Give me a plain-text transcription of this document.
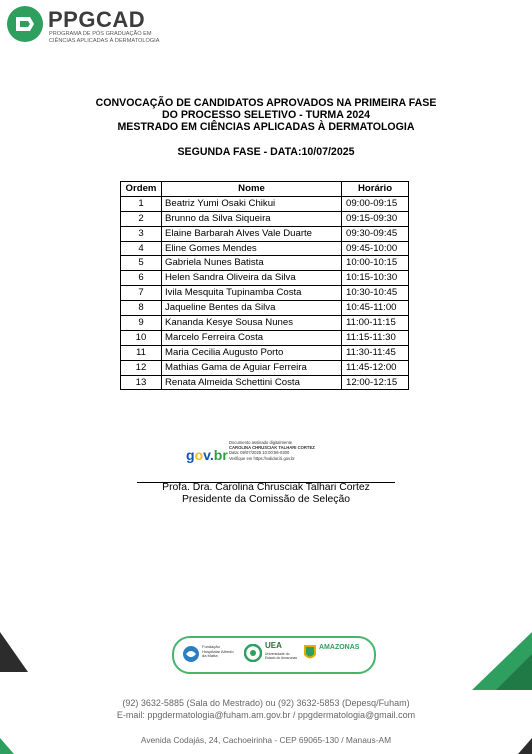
PPGCAD
PROGRAMA DE PÓS GRADUAÇÃO EM
CIÊNCIAS APLICADAS À DERMATOLOGIA
CONVOCAÇÃO DE CANDIDATOS APROVADOS NA PRIMEIRA FASE
DO PROCESSO SELETIVO - TURMA 2024
MESTRADO EM CIÊNCIAS APLICADAS À DERMATOLOGIA
SEGUNDA FASE - DATA:10/07/2025
Ordem	Nome	Horário
1	Beatriz Yumi Osaki Chikui	09:00-09:15
2	Brunno da Silva Siqueira	09:15-09:30
3	Elaine Barbarah Alves Vale Duarte	09:30-09:45
4	Eline Gomes Mendes	09:45-10:00
5	Gabriela Nunes Batista	10:00-10:15
6	Helen Sandra Oliveira da Silva	10:15-10:30
7	Ivila Mesquita Tupinamba Costa	10:30-10:45
8	Jaqueline Bentes da Silva	10:45-11:00
9	Kananda Kesye Sousa Nunes	11:00-11:15
10	Marcelo Ferreira Costa	11:15-11:30
11	Maria Cecilia Augusto Porto	11:30-11:45
12	Mathias Gama de Aguiar Ferreira	11:45-12:00
13	Renata Almeida Schettini Costa	12:00-12:15
gov.br
Documento assinado digitalmente
CAROLINA CHRUSCIAK TALHARI CORTEZ
Data: 09/07/2025 10:00:56-0300
Verifique em https://validar.iti.gov.br
Profa. Dra. Carolina Chrusciak Talhari Cortez
Presidente da Comissão de Seleção
Fundação Hospitalar Alfredo da Matta
UEA
Universidade do Estado do Amazonas
AMAZONAS
(92) 3632-5885 (Sala do Mestrado) ou (92) 3632-5853 (Depesq/Fuham)
E-mail: ppgdermatologia@fuham.am.gov.br / ppgdermatologia@gmail.com
Avenida Codajás, 24, Cachoeirinha - CEP 69065-130 / Manaus-AM
